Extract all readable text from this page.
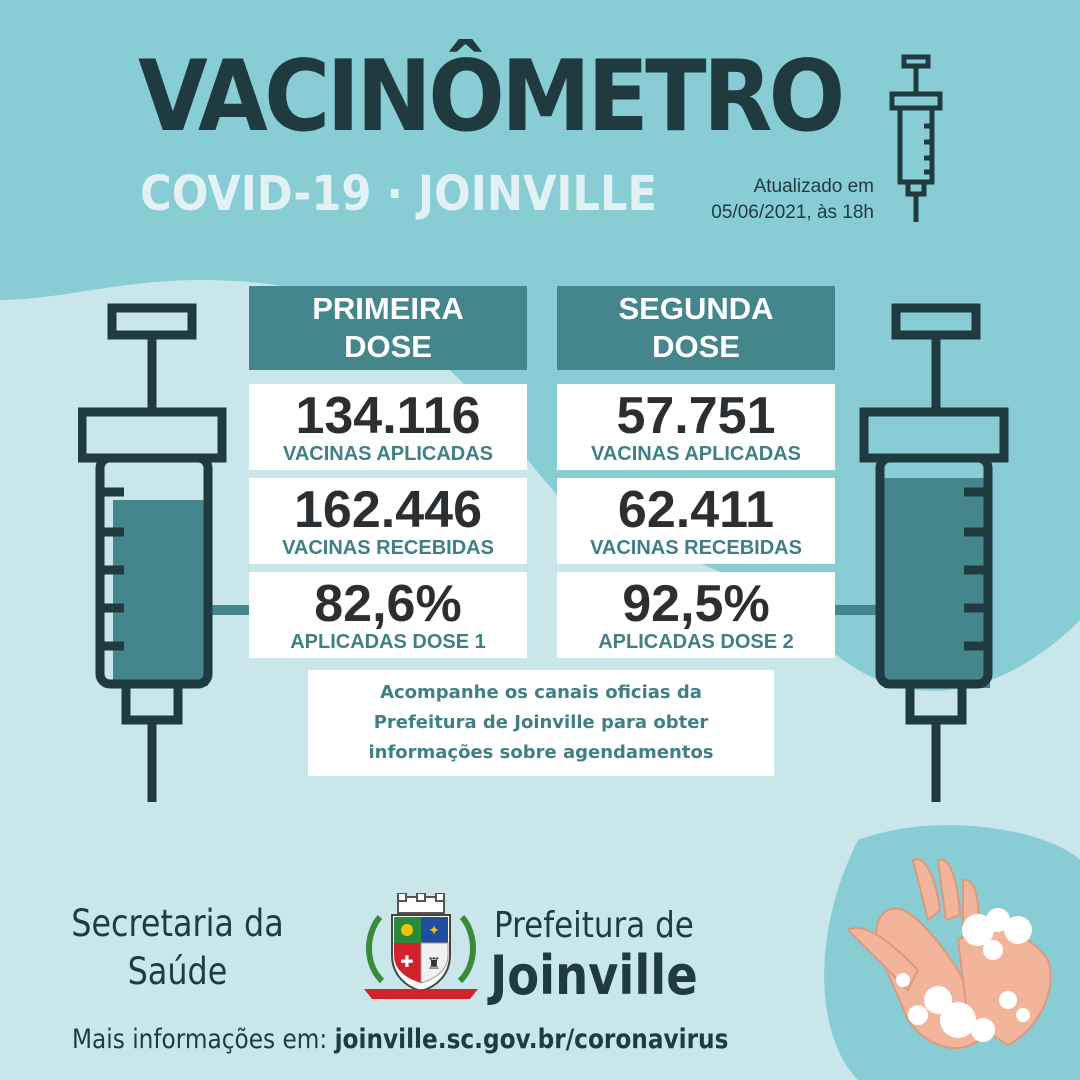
VACINÔMETRO
COVID-19 · JOINVILLE	Atualizado em
05/06/2021, às 18h
PRIMEIRA
DOSE
134.116
VACINAS APLICADAS
162.446
VACINAS RECEBIDAS
82,6%
APLICADAS DOSE 1
SEGUNDA
DOSE
57.751
VACINAS APLICADAS
62.411
VACINAS RECEBIDAS
92,5%
APLICADAS DOSE 2
Acompanhe os canais oficias da
Prefeitura de Joinville para obter
informações sobre agendamentos
Secretaria da
Saúde
✦
✚ ♜
Prefeitura de
Joinville
Mais informações em: joinville.sc.gov.br/coronavirus
